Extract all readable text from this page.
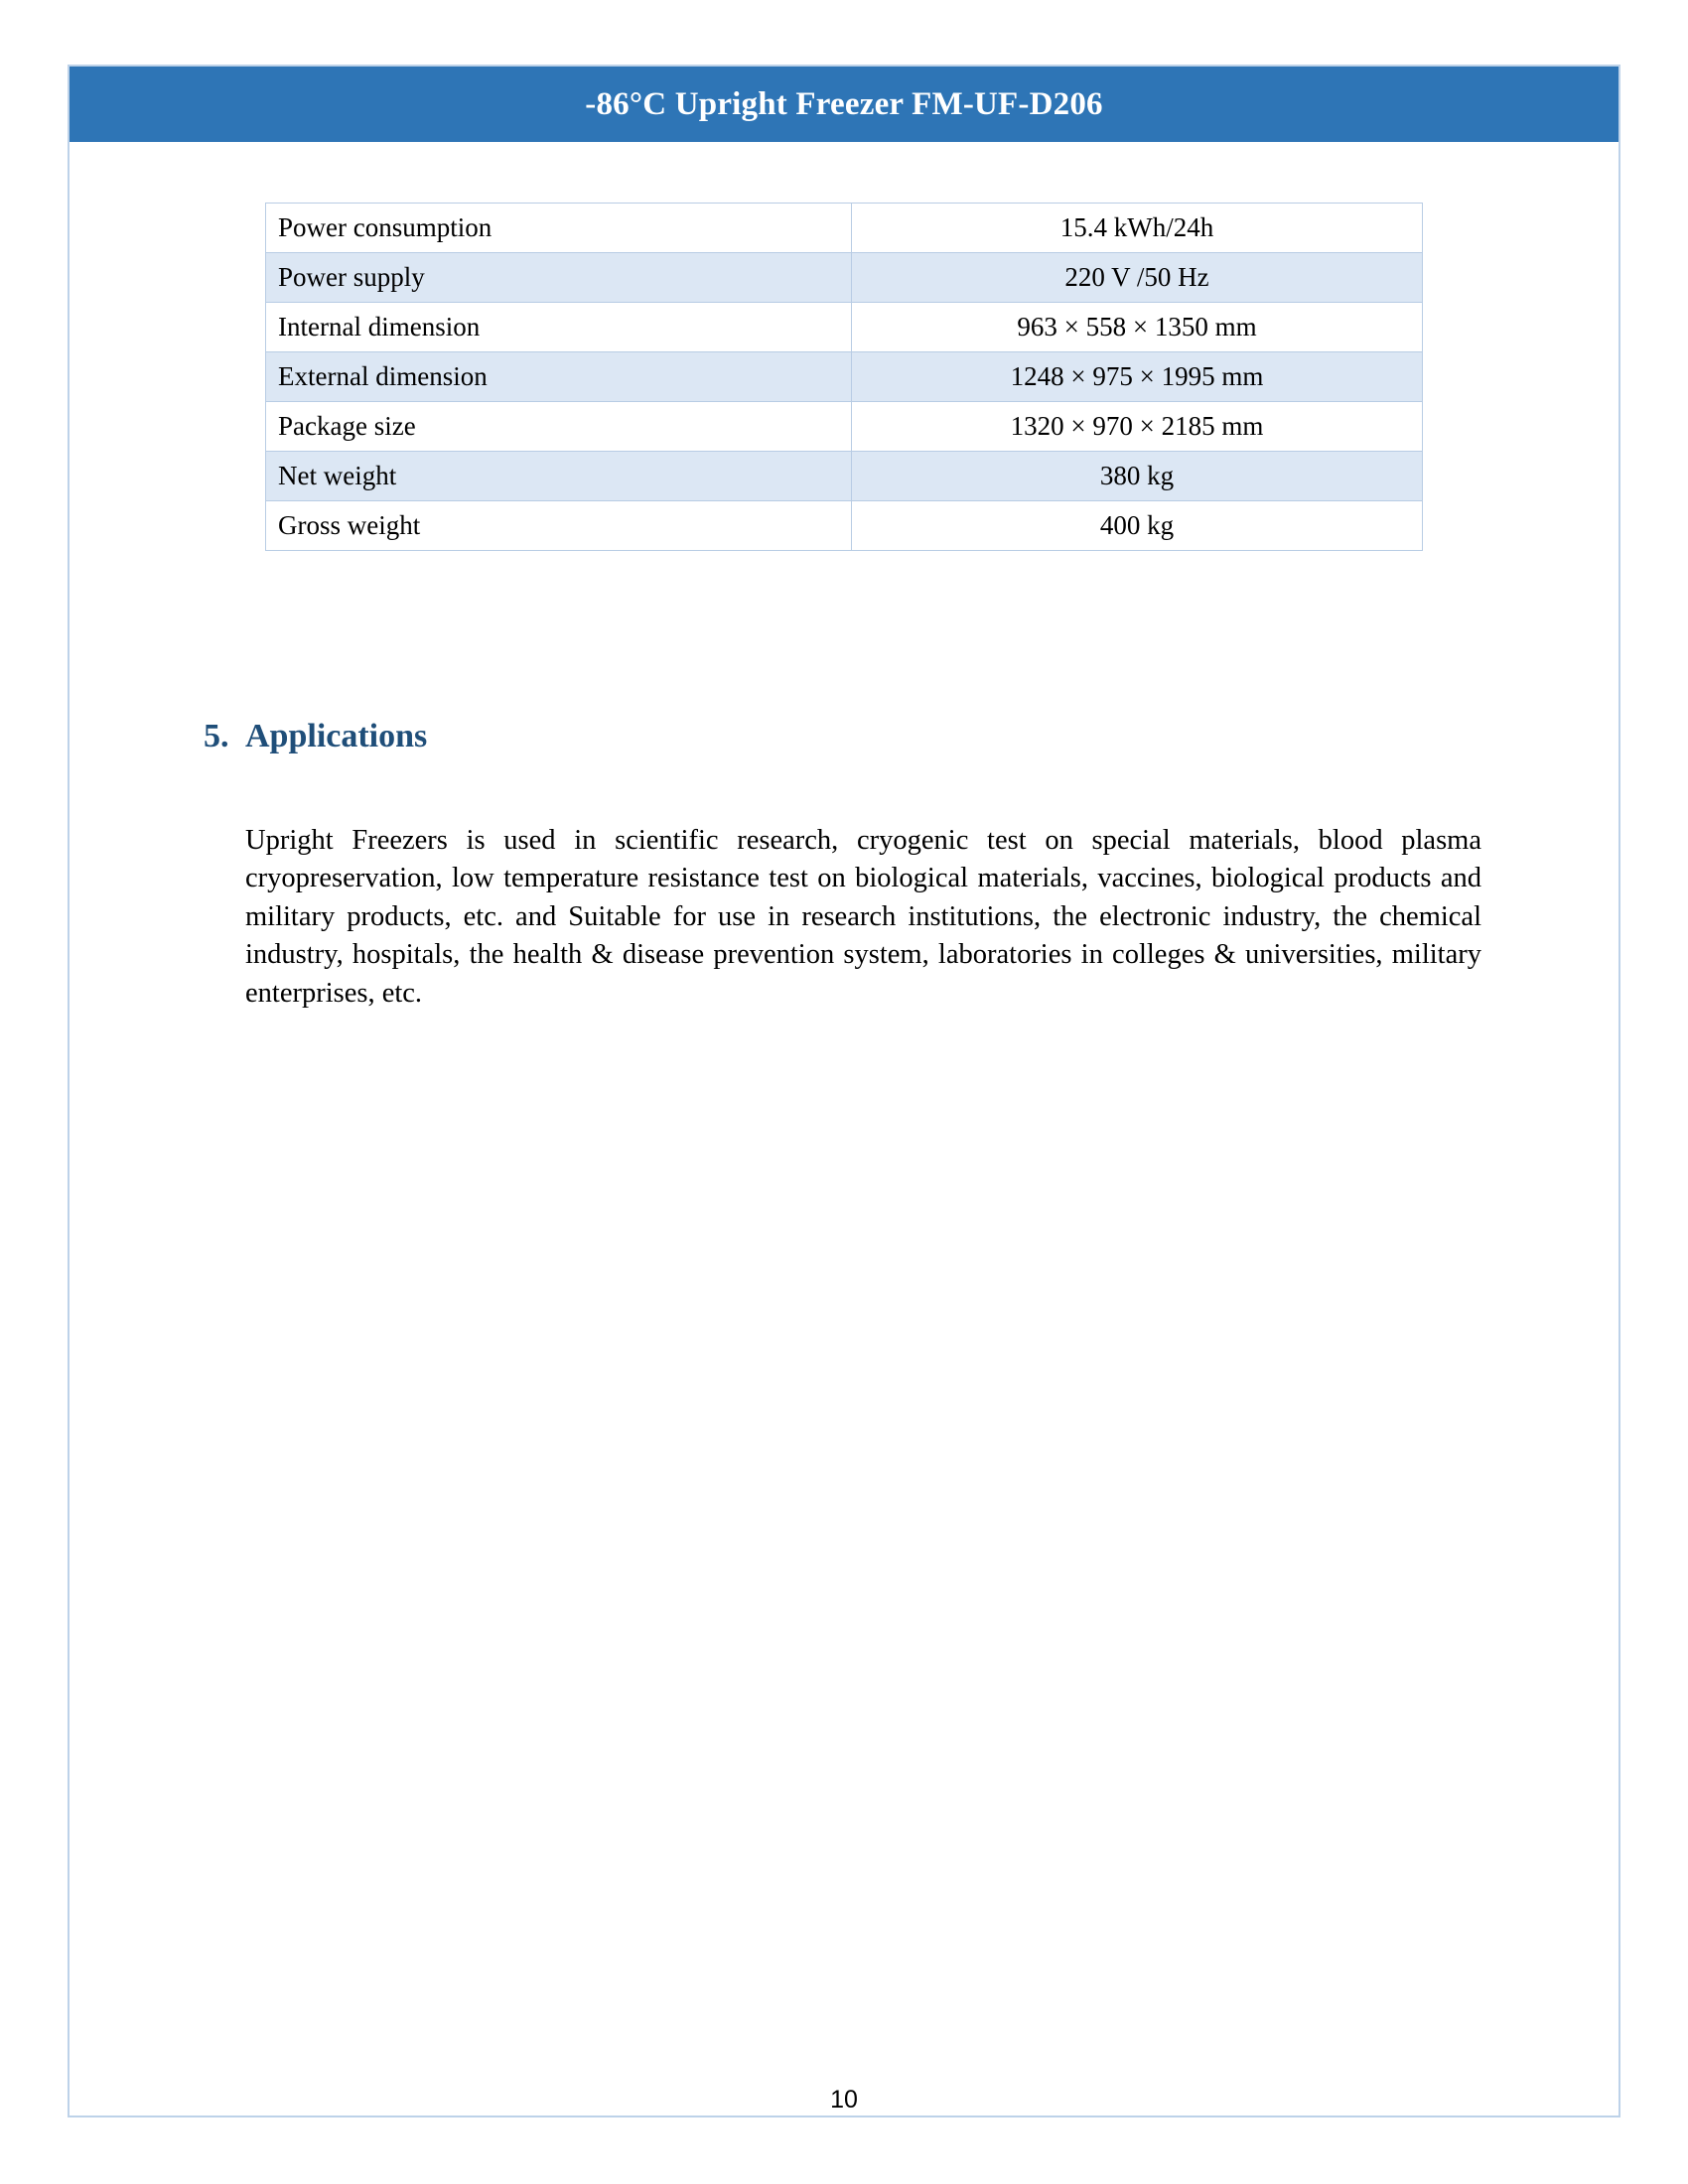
-86°C Upright Freezer FM-UF-D206
Power consumption	15.4 kWh/24h
Power supply	220 V /50 Hz
Internal dimension	963 × 558 × 1350 mm
External dimension	1248 × 975 × 1995 mm
Package size	1320 × 970 × 2185 mm
Net weight	380 kg
Gross weight	400 kg
5. Applications

Upright Freezers is used in scientific research, cryogenic test on special materials, blood plasma cryopreservation, low temperature resistance test on biological materials, vaccines, biological products and military products, etc. and Suitable for use in research institutions, the electronic industry, the chemical industry, hospitals, the health & disease prevention system, laboratories in colleges & universities, military enterprises, etc.

10
